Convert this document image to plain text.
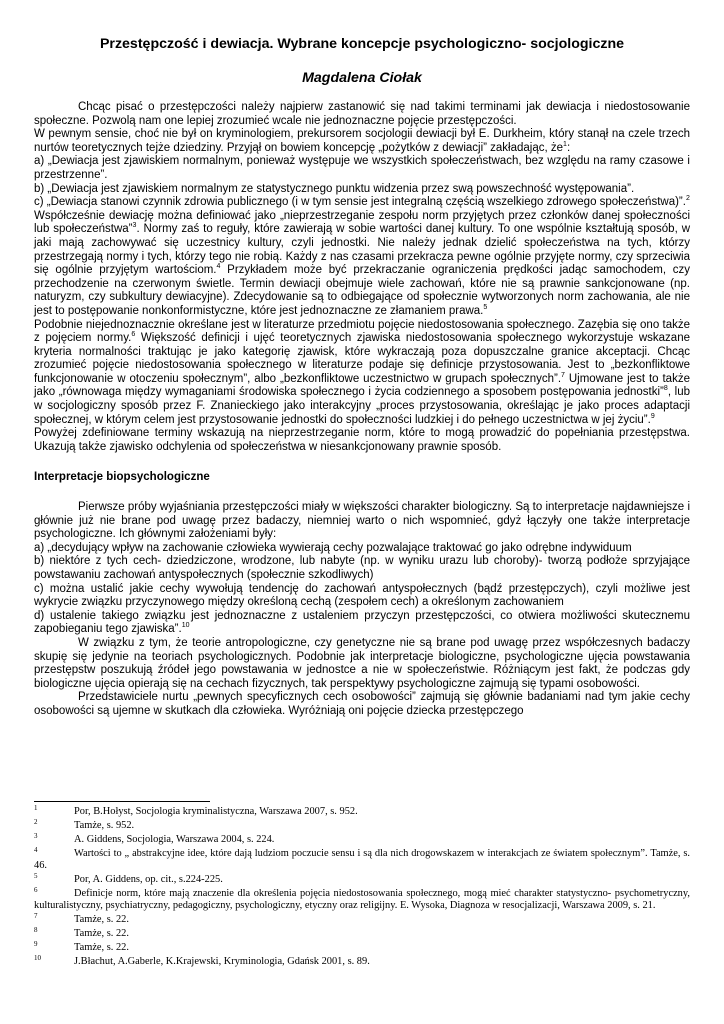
Przestępczość i dewiacja. Wybrane koncepcje psychologiczno- socjologiczne
Magdalena Ciołak

Chcąc pisać o przestępczości należy najpierw zastanowić się nad takimi terminami jak dewiacja i niedostosowanie społeczne. Pozwolą nam one lepiej zrozumieć wcale nie jednoznaczne pojęcie przestępczości.

W pewnym sensie, choć nie był on kryminologiem, prekursorem socjologii dewiacji był E. Durkheim, który stanął na czele trzech nurtów teoretycznych tejże dziedziny. Przyjął on bowiem koncepcję „pożytków z dewiacji” zakładając, $że^1$:

a) „Dewiacja jest zjawiskiem normalnym, ponieważ występuje we wszystkich społeczeństwach, bez względu na ramy czasowe i przestrzenne”.

b) „Dewiacja jest zjawiskiem normalnym ze statystycznego punktu widzenia przez swą powszechność występowania”.

c) „Dewiacja stanowi czynnik zdrowia publicznego (i w tym sensie jest integralną częścią wszelkiego zdrowego społeczeństwa)”.$^2$

Współcześnie dewiację można definiować jako „nieprzestrzeganie zespołu norm przyjętych przez członków danej społeczności lub społeczeństwa”$^3$. Normy zaś to reguły, które zawierają w sobie wartości danej kultury. To one wspólnie kształtują sposób, w jaki mają zachowywać się uczestnicy kultury, czyli jednostki. Nie należy jednak dzielić społeczeństwa na tych, którzy przestrzegają normy i tych, którzy tego nie robią. Każdy z nas czasami przekracza pewne ogólnie przyjęte normy, czy sprzeciwia się ogólnie przyjętym wartościom.$^4$ Przykładem może być przekraczanie ograniczenia prędkości jadąc samochodem, czy przechodzenie na czerwonym świetle. Termin dewiacji obejmuje wiele zachowań, które nie są prawnie sankcjonowane (np. naturyzm, czy subkultury dewiacyjne). Zdecydowanie są to odbiegające od społecznie wytworzonych norm zachowania, ale nie jest to postępowanie nonkonformistyczne, które jest jednoznaczne ze złamaniem prawa.$^5$

Podobnie niejednoznacznie określane jest w literaturze przedmiotu pojęcie niedostosowania społecznego. Zazębia się ono także z pojęciem normy.$^6$ Większość definicji i ujęć teoretycznych zjawiska niedostosowania społecznego wykorzystuje wskazane kryteria normalności traktując je jako kategorię zjawisk, które wykraczają poza dopuszczalne granice akceptacji. Chcąc zrozumieć pojęcie niedostosowania społecznego w literaturze podaje się definicje przystosowania. Jest to „bezkonfliktowe funkcjonowanie w otoczeniu społecznym”, albo „bezkonfliktowe uczestnictwo w grupach społecznych”.$^7$ Ujmowane jest to także jako „równowaga między wymaganiami środowiska społecznego i życia codziennego a sposobem postępowania jednostki”$^8$, lub w socjologiczny sposób przez F. Znanieckiego jako interakcyjny „proces przystosowania, określając je jako proces adaptacji społecznej, w którym celem jest przystosowanie jednostki do społeczności ludzkiej i do pełnego uczestnictwa w jej życiu”.$^9$

Powyżej zdefiniowane terminy wskazują na nieprzestrzeganie norm, które to mogą prowadzić do popełniania przestępstwa. Ukazują także zjawisko odchylenia od społeczeństwa w niesankcjonowany prawnie sposób.

Interpretacje biopsychologiczne

Pierwsze próby wyjaśniania przestępczości miały w większości charakter biologiczny. Są to interpretacje najdawniejsze i głównie już nie brane pod uwagę przez badaczy, niemniej warto o nich wspomnieć, gdyż łączyły one także interpretacje psychologiczne. Ich głównymi założeniami były:

a) „decydujący wpływ na zachowanie człowieka wywierają cechy pozwalające traktować go jako odrębne indywiduum

b) niektóre z tych cech- dziedziczone, wrodzone, lub nabyte (np. w wyniku urazu lub choroby)- tworzą podłoże sprzyjające powstawaniu zachowań antyspołecznych (społecznie szkodliwych)

c) można ustalić jakie cechy wywołują tendencję do zachowań antyspołecznych (bądź przestępczych), czyli możliwe jest wykrycie związku przyczynowego między określoną cechą (zespołem cech) a określonym zachowaniem

d) ustalenie takiego związku jest jednoznaczne z ustaleniem przyczyn przestępczości, co otwiera możliwości skutecznemu zapobieganiu tego zjawiska”.$^{10}$

W związku z tym, że teorie antropologiczne, czy genetyczne nie są brane pod uwagę przez współczesnych badaczy skupię się jedynie na teoriach psychologicznych. Podobnie jak interpretacje biologiczne, psychologiczne ujęcia powstawania przestępstw poszukują źródeł jego powstawania w jednostce a nie w społeczeństwie. Różniącym jest fakt, że podczas gdy biologiczne ujęcia opierają się na cechach fizycznych, tak perspektywy psychologiczne zajmują się typami osobowości.

Przedstawiciele nurtu „pewnych specyficznych cech osobowości” zajmują się głównie badaniami nad tym jakie cechy osobowości są ujemne w skutkach dla człowieka. Wyróżniają oni pojęcie dziecka przestępczego

1	Por, B.Hołyst, Socjologia kryminalistyczna, Warszawa 2007, s. 952.
2	Tamże, s. 952.
3	A. Giddens, Socjologia, Warszawa 2004, s. 224.
4	Wartości to „ abstrakcyjne idee, które dają ludziom poczucie sensu i są dla nich drogowskazem w interakcjach ze światem społecznym”. Tamże, s. 46.
5	Por, A. Giddens, op. cit., s.224-225.
6	Definicje norm, które mają znaczenie dla określenia pojęcia niedostosowania społecznego, mogą mieć charakter statystyczno- psychometryczny, kulturalistyczny, psychiatryczny, pedagogiczny, psychologiczny, etyczny oraz religijny. E. Wysoka, Diagnoza w resocjalizacji, Warszawa 2009, s. 21.
7	Tamże, s. 22.
8	Tamże, s. 22.
9	Tamże, s. 22.
10	J.Błachut, A.Gaberle, K.Krajewski, Kryminologia, Gdańsk 2001, s. 89.
